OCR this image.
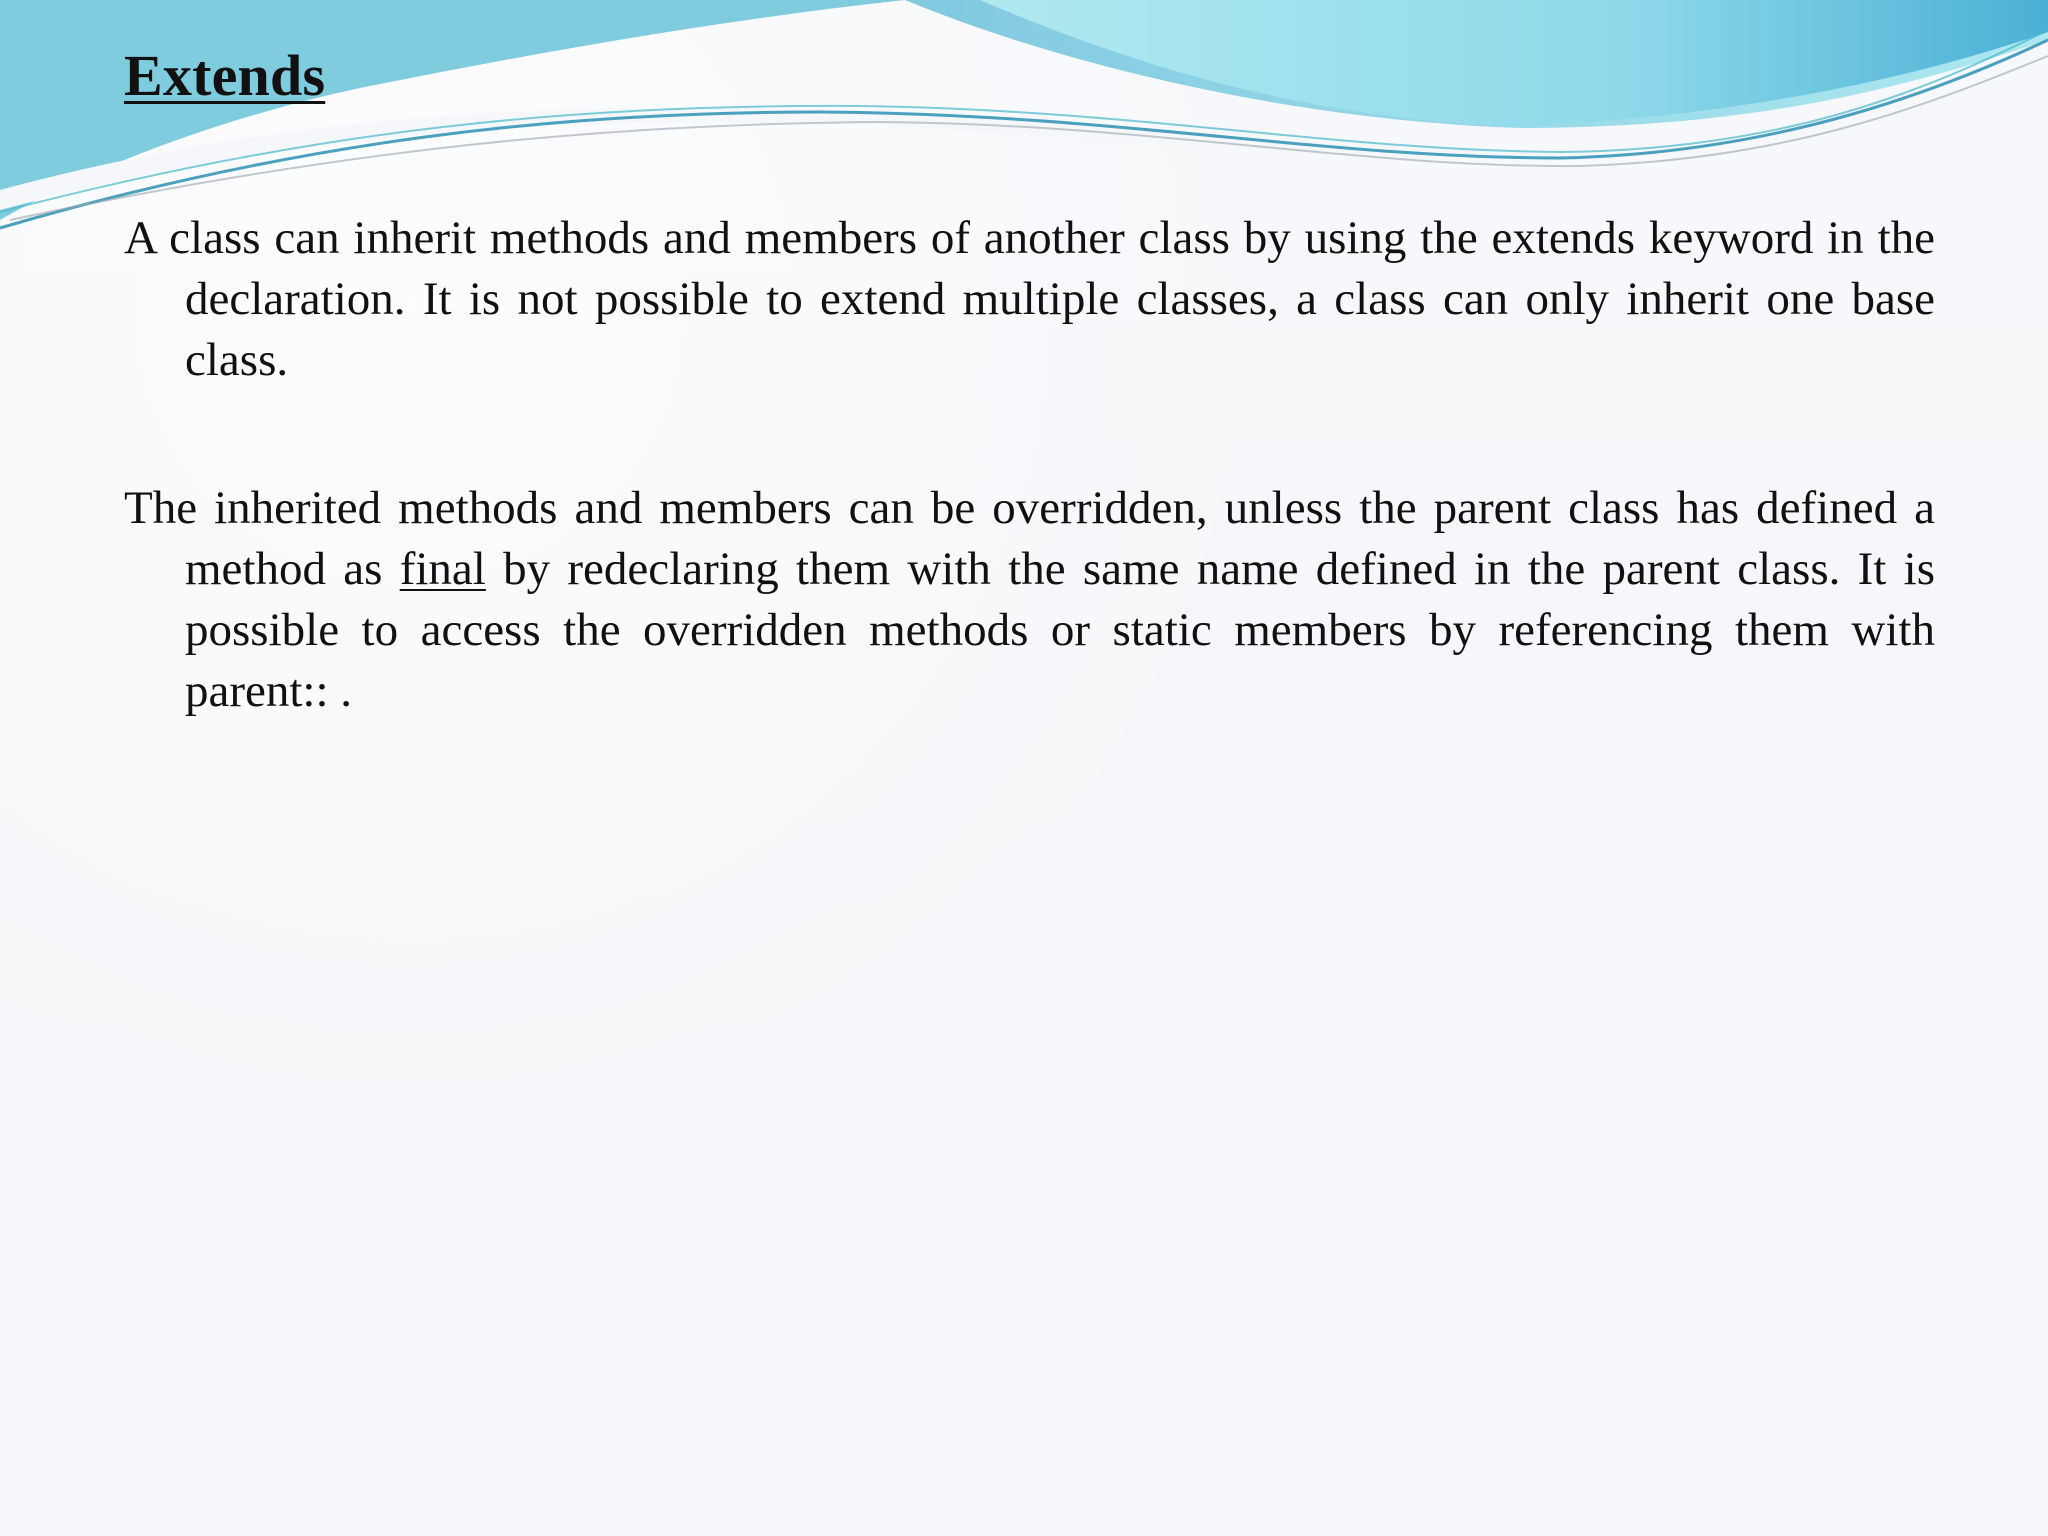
Extends

A class can inherit methods and members of another class by using the extends keyword in the declaration. It is not possible to extend multiple classes, a class can only inherit one base class.

The inherited methods and members can be overridden, unless the parent class has defined a method as final by redeclaring them with the same name defined in the parent class. It is possible to access the overridden methods or static members by referencing them with parent:: .
